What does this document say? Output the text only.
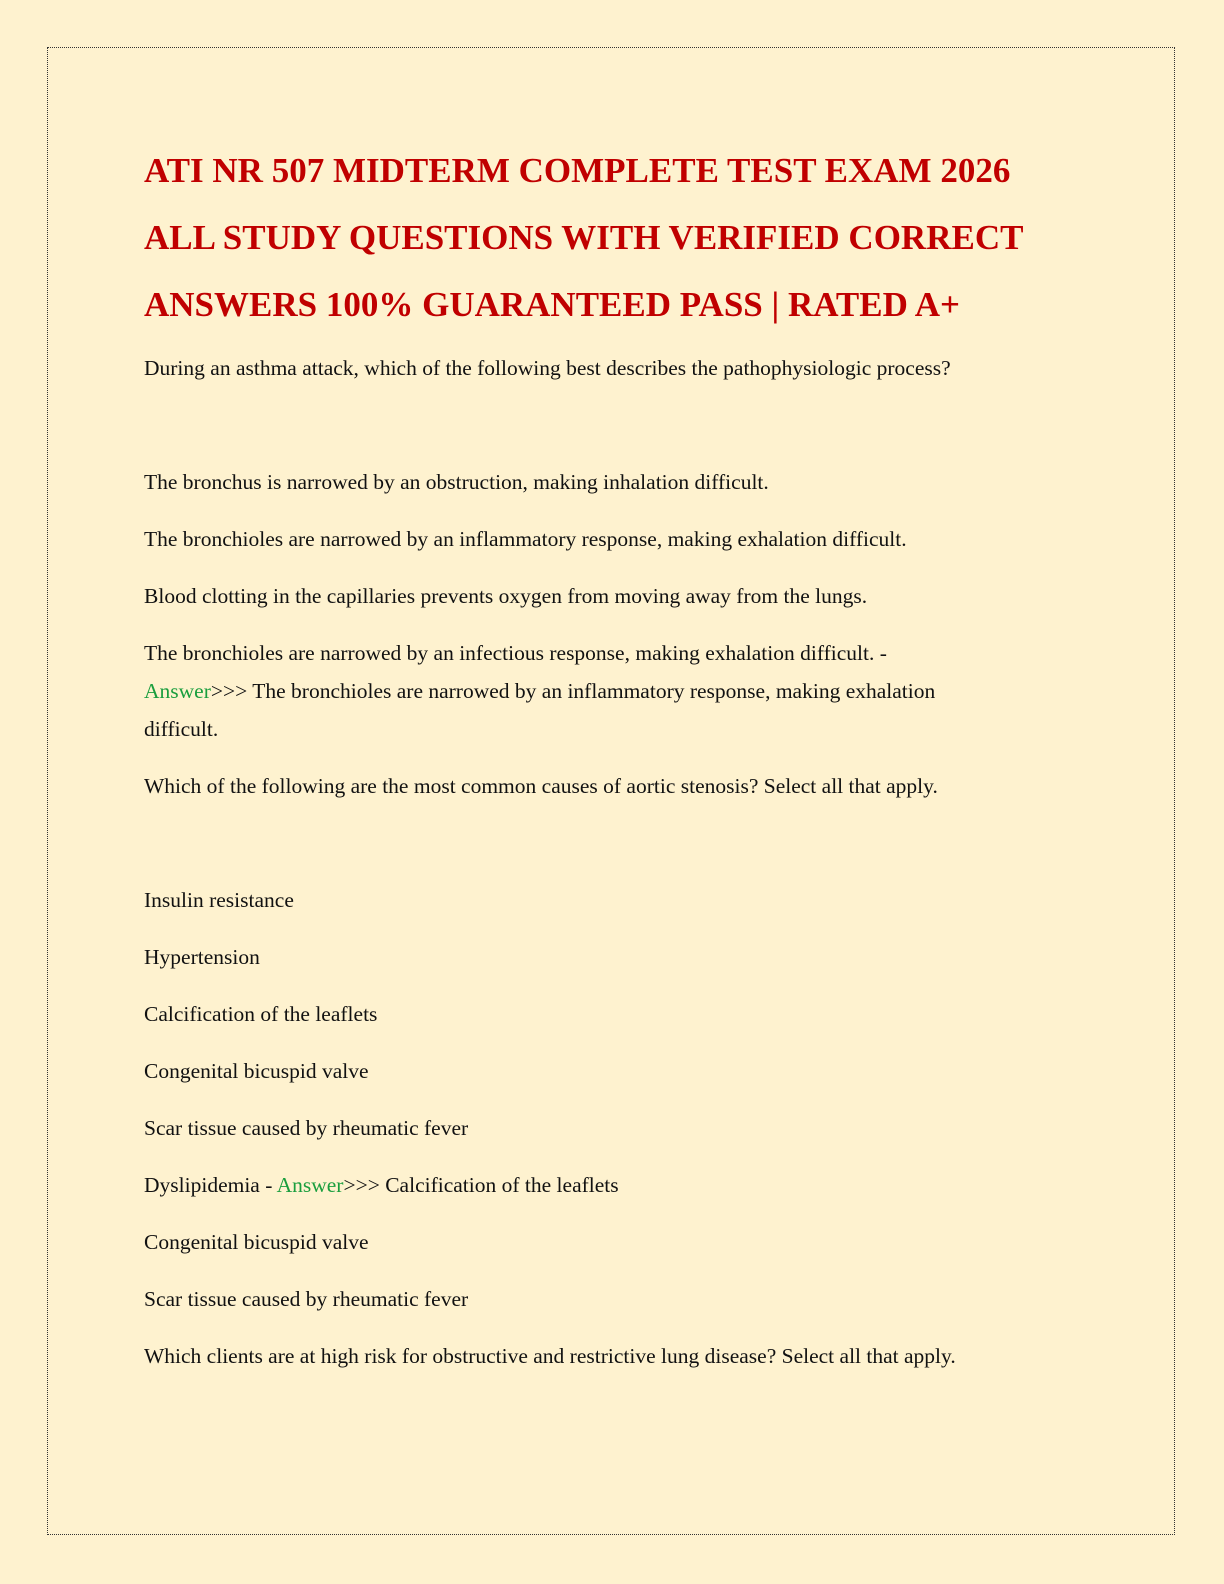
ATI NR 507 MIDTERM COMPLETE TEST EXAM 2026
ALL STUDY QUESTIONS WITH VERIFIED CORRECT
ANSWERS 100% GUARANTEED PASS | RATED A+

During an asthma attack, which of the following best describes the pathophysiologic process?

The bronchus is narrowed by an obstruction, making inhalation difficult.

The bronchioles are narrowed by an inflammatory response, making exhalation difficult.

Blood clotting in the capillaries prevents oxygen from moving away from the lungs.

The bronchioles are narrowed by an infectious response, making exhalation difficult. -

Answer>>> The bronchioles are narrowed by an inflammatory response, making exhalation

difficult.

Which of the following are the most common causes of aortic stenosis? Select all that apply.

Insulin resistance

Hypertension

Calcification of the leaflets

Congenital bicuspid valve

Scar tissue caused by rheumatic fever

Dyslipidemia - Answer>>> Calcification of the leaflets

Congenital bicuspid valve

Scar tissue caused by rheumatic fever

Which clients are at high risk for obstructive and restrictive lung disease? Select all that apply.
